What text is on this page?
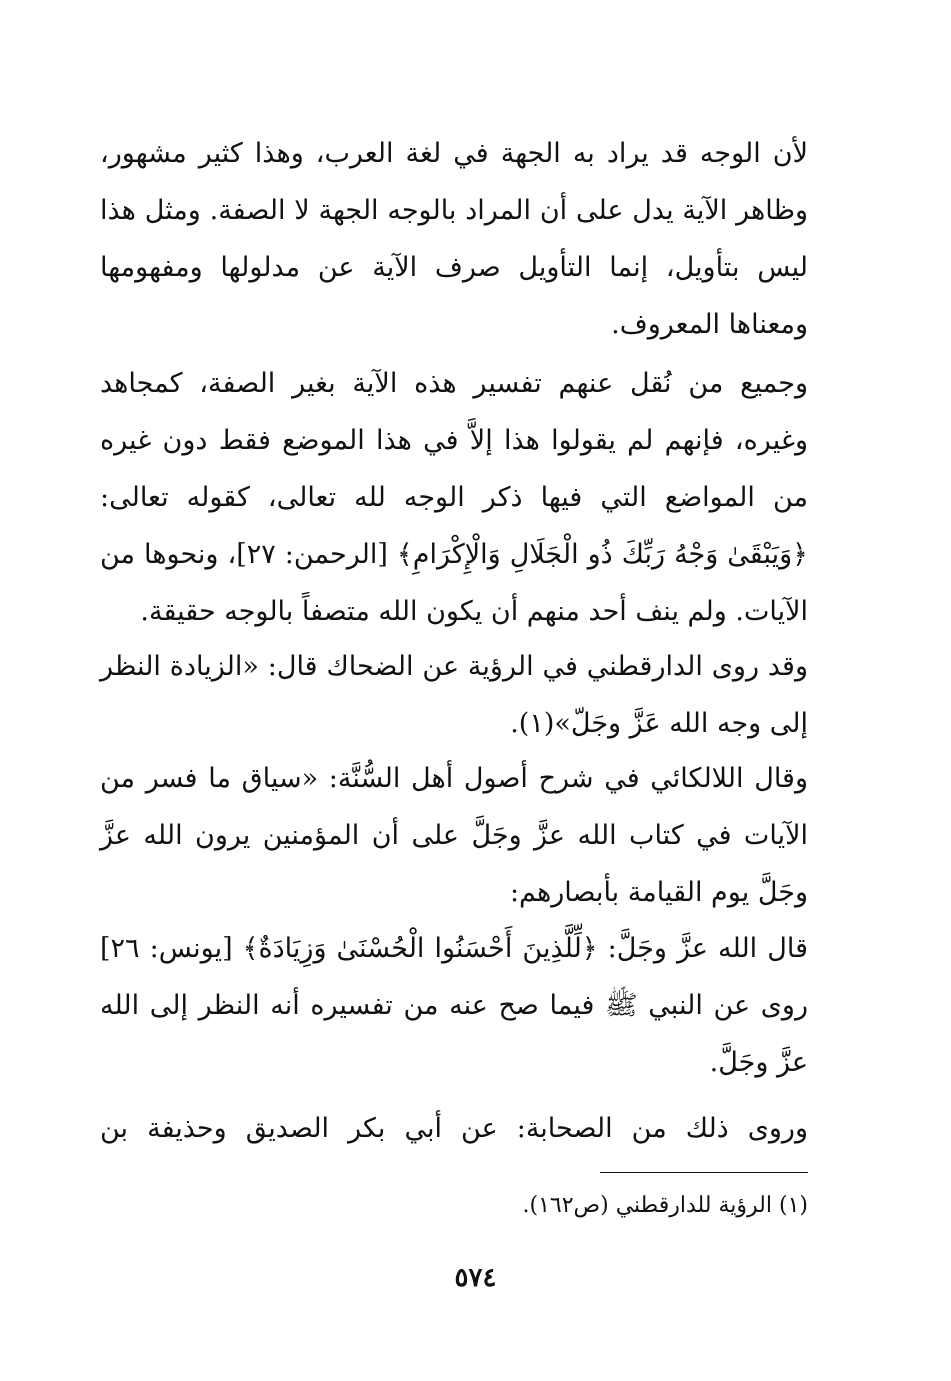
لأن الوجه قد يراد به الجهة في لغة العرب، وهذا كثير مشهور، وظاهر الآية يدل على أن المراد بالوجه الجهة لا الصفة. ومثل هذا ليس بتأويل، إنما التأويل صرف الآية عن مدلولها ومفهومها ومعناها المعروف.

وجميع من نُقل عنهم تفسير هذه الآية بغير الصفة، كمجاهد وغيره، فإنهم لم يقولوا هذا إلاَّ في هذا الموضع فقط دون غيره من المواضع التي فيها ذكر الوجه لله تعالى، كقوله تعالى: ﴿وَيَبْقَىٰ وَجْهُ رَبِّكَ ذُو الْجَلَالِ وَالْإِكْرَامِ﴾ [الرحمن: ٢٧]، ونحوها من الآيات. ولم ينف أحد منهم أن يكون الله متصفاً بالوجه حقيقة.

وقد روى الدارقطني في الرؤية عن الضحاك قال: «الزيادة النظر إلى وجه الله عَزَّ وجَلّ»(١).

وقال اللالكائي في شرح أصول أهل السُّنَّة: «سياق ما فسر من الآيات في كتاب الله عزَّ وجَلَّ على أن المؤمنين يرون الله عزَّ وجَلَّ يوم القيامة بأبصارهم:

قال الله عزَّ وجَلَّ: ﴿لِّلَّذِينَ أَحْسَنُوا الْحُسْنَىٰ وَزِيَادَةٌ﴾ [يونس: ٢٦] روى عن النبي ﷺ فيما صح عنه من تفسيره أنه النظر إلى الله عزَّ وجَلَّ.

وروى ذلك من الصحابة: عن أبي بكر الصديق وحذيفة بن

(١) الرؤية للدارقطني (ص١٦٢).
٥٧٤
